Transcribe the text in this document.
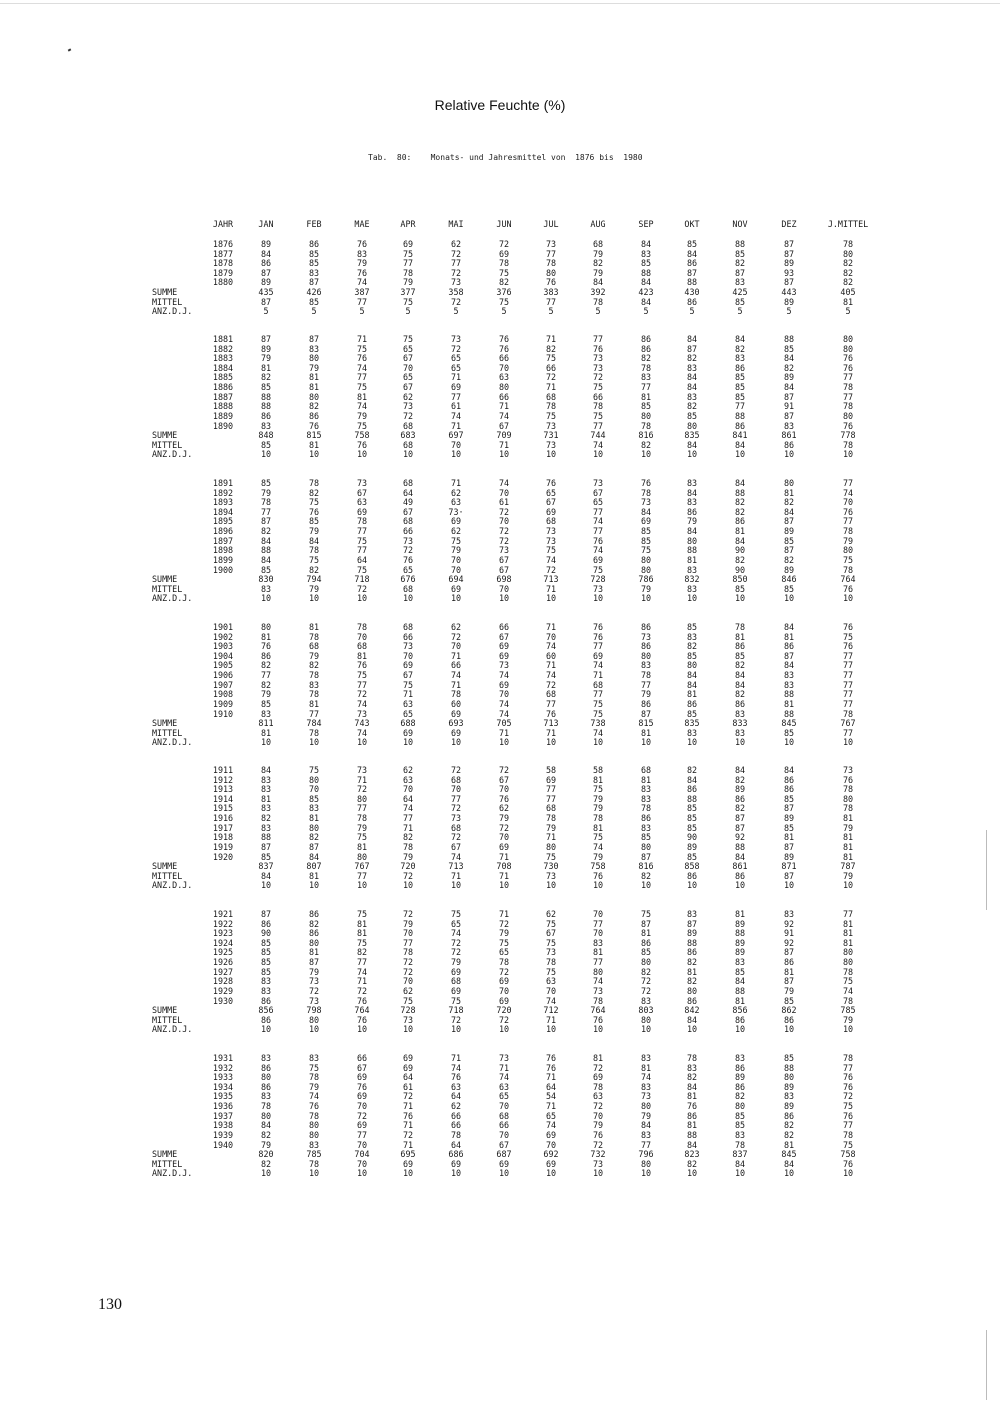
Relative Feuchte (%)
Tab.  80:    Monats- und Jahresmittel von  1876 bis  1980
JAHR	JAN	FEB	MAE	APR	MAI	JUN	JUL	AUG	SEP	OKT	NOV	DEZ	J.MITTEL
1876	89	86	76	69	62	72	73	68	84	85	88	87	78
1877	84	85	83	75	72	69	77	79	83	84	85	87	80
1878	86	85	79	77	77	78	78	82	85	86	82	89	82
1879	87	83	76	78	72	75	80	79	88	87	87	93	82
1880	89	87	74	79	73	82	76	84	84	88	83	87	82
SUMME	435	426	387	377	358	376	383	392	423	430	425	443	405
MITTEL	87	85	77	75	72	75	77	78	84	86	85	89	81
ANZ.D.J.	5	5	5	5	5	5	5	5	5	5	5	5	5
1881	87	87	71	75	73	76	71	77	86	84	84	88	80
1882	89	83	75	65	72	76	82	76	86	87	82	85	80
1883	79	80	76	67	65	66	75	73	82	82	83	84	76
1884	81	79	74	70	65	70	66	73	78	83	86	82	76
1885	82	81	77	65	71	63	72	72	83	84	85	89	77
1886	85	81	75	67	69	80	71	75	77	84	85	84	78
1887	88	80	81	62	77	66	68	66	81	83	85	87	77
1888	88	82	74	73	61	71	78	78	85	82	77	91	78
1889	86	86	79	72	74	74	75	75	80	85	88	87	80
1890	83	76	75	68	71	67	73	77	78	80	86	83	76
SUMME	848	815	758	683	697	709	731	744	816	835	841	861	778
MITTEL	85	81	76	68	70	71	73	74	82	84	84	86	78
ANZ.D.J.	10	10	10	10	10	10	10	10	10	10	10	10	10
1891	85	78	73	68	71	74	76	73	76	83	84	80	77
1892	79	82	67	64	62	70	65	67	78	84	88	81	74
1893	78	75	63	49	63	61	67	65	73	83	82	82	70
1894	77	76	69	67	73·	72	69	77	84	86	82	84	76
1895	87	85	78	68	69	70	68	74	69	79	86	87	77
1896	82	79	77	66	62	72	73	77	85	84	81	89	78
1897	84	84	75	73	75	72	73	76	85	80	84	85	79
1898	88	78	77	72	79	73	75	74	75	88	90	87	80
1899	84	75	64	76	70	67	74	69	80	81	82	82	75
1900	85	82	75	65	70	67	72	75	80	83	90	89	78
SUMME	830	794	718	676	694	698	713	728	786	832	850	846	764
MITTEL	83	79	72	68	69	70	71	73	79	83	85	85	76
ANZ.D.J.	10	10	10	10	10	10	10	10	10	10	10	10	10
1901	80	81	78	68	62	66	71	76	86	85	78	84	76
1902	81	78	70	66	72	67	70	76	73	83	81	81	75
1903	76	68	68	73	70	69	74	77	86	82	86	86	76
1904	86	79	81	70	71	69	60	69	80	85	85	87	77
1905	82	82	76	69	66	73	71	74	83	80	82	84	77
1906	77	78	75	67	74	74	74	71	78	84	84	83	77
1907	82	83	77	75	71	69	72	68	77	84	84	83	77
1908	79	78	72	71	78	70	68	77	79	81	82	88	77
1909	85	81	74	63	60	74	77	75	86	86	86	81	77
1910	83	77	73	65	69	74	76	75	87	85	83	88	78
SUMME	811	784	743	688	693	705	713	738	815	835	833	845	767
MITTEL	81	78	74	69	69	71	71	74	81	83	83	85	77
ANZ.D.J.	10	10	10	10	10	10	10	10	10	10	10	10	10
1911	84	75	73	62	72	72	58	58	68	82	84	84	73
1912	83	80	71	63	68	67	69	81	81	84	82	86	76
1913	83	70	72	70	70	70	77	75	83	86	89	86	78
1914	81	85	80	64	77	76	77	79	83	88	86	85	80
1915	83	83	77	74	72	62	68	79	78	85	82	87	78
1916	82	81	78	77	73	79	78	78	86	85	87	89	81
1917	83	80	79	71	68	72	79	81	83	85	87	85	79
1918	88	82	75	82	72	70	71	75	85	90	92	81	81
1919	87	87	81	78	67	69	80	74	80	89	88	87	81
1920	85	84	80	79	74	71	75	79	87	85	84	89	81
SUMME	837	807	767	720	713	708	730	758	816	858	861	871	787
MITTEL	84	81	77	72	71	71	73	76	82	86	86	87	79
ANZ.D.J.	10	10	10	10	10	10	10	10	10	10	10	10	10
1921	87	86	75	72	75	71	62	70	75	83	81	83	77
1922	86	82	81	79	65	72	75	77	87	87	89	92	81
1923	90	86	81	70	74	79	67	70	81	89	88	91	81
1924	85	80	75	77	72	75	75	83	86	88	89	92	81
1925	85	81	82	78	72	65	73	81	85	86	89	87	80
1926	85	87	77	72	79	78	78	77	80	82	83	86	80
1927	85	79	74	72	69	72	75	80	82	81	85	81	78
1928	83	73	71	70	68	69	63	74	72	82	84	87	75
1929	83	72	72	62	69	70	70	73	72	80	88	79	74
1930	86	73	76	75	75	69	74	78	83	86	81	85	78
SUMME	856	798	764	728	718	720	712	764	803	842	856	862	785
MITTEL	86	80	76	73	72	72	71	76	80	84	86	86	79
ANZ.D.J.	10	10	10	10	10	10	10	10	10	10	10	10	10
1931	83	83	66	69	71	73	76	81	83	78	83	85	78
1932	86	75	67	69	74	71	76	72	81	83	86	88	77
1933	80	78	69	64	76	74	71	69	74	82	89	80	76
1934	86	79	76	61	63	63	64	78	83	84	86	89	76
1935	83	74	69	72	64	65	54	63	73	81	82	83	72
1936	78	76	70	71	62	70	71	72	80	76	80	89	75
1937	80	78	72	76	66	68	65	70	79	86	85	86	76
1938	84	80	69	71	66	66	74	79	84	81	85	82	77
1939	82	80	77	72	78	70	69	76	83	88	83	82	78
1940	79	83	70	71	64	67	70	72	77	84	78	81	75
SUMME	820	785	704	695	686	687	692	732	796	823	837	845	758
MITTEL	82	78	70	69	69	69	69	73	80	82	84	84	76
ANZ.D.J.	10	10	10	10	10	10	10	10	10	10	10	10	10
130
